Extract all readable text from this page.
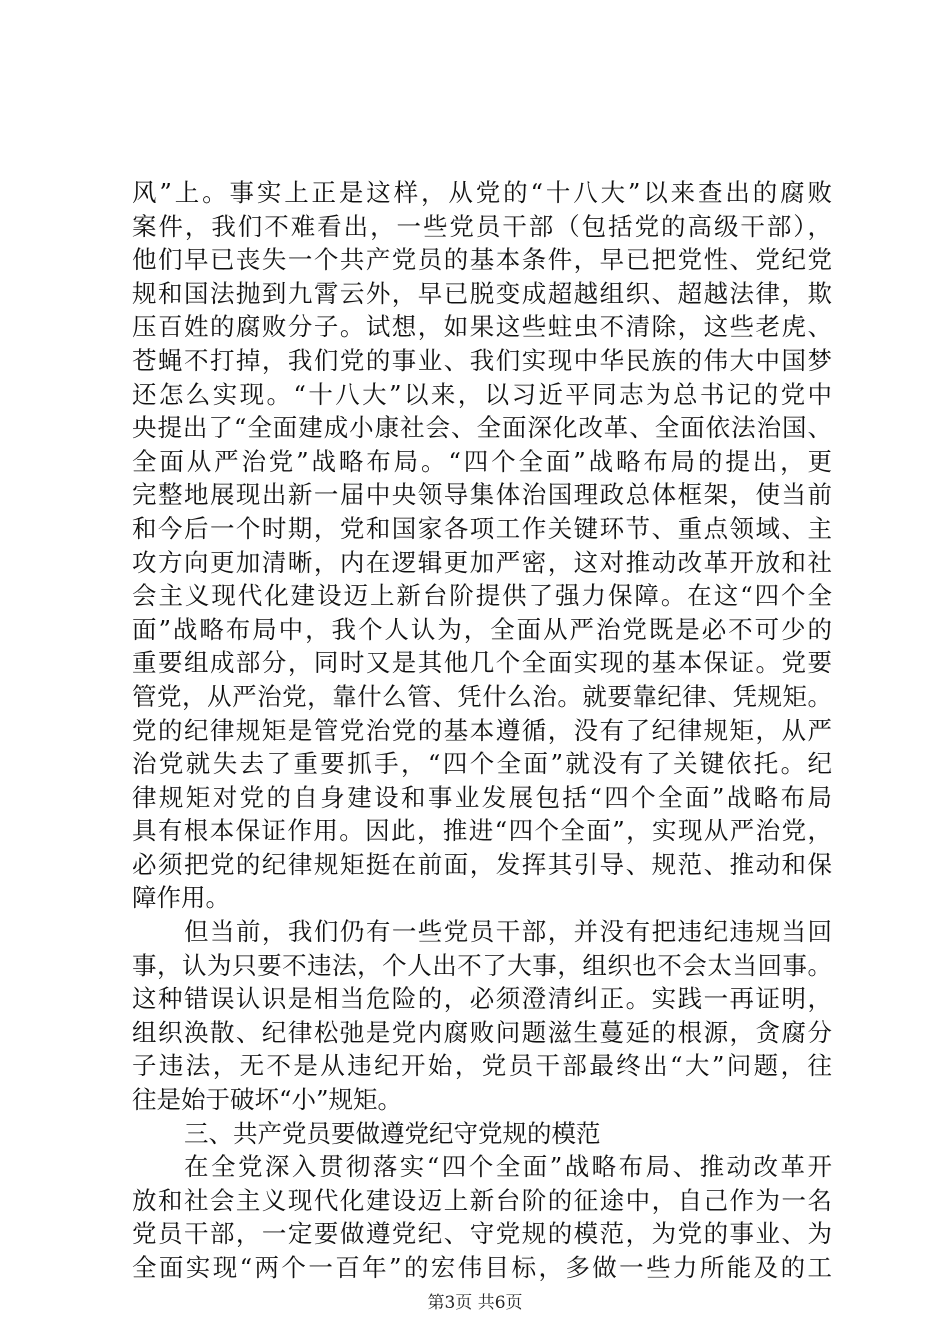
风”上。事实上正是这样，从党的“十八大”以来查出的腐败
案件，我们不难看出，一些党员干部（包括党的高级干部），
他们早已丧失一个共产党员的基本条件，早已把党性、党纪党
规和国法抛到九霄云外，早已脱变成超越组织、超越法律，欺
压百姓的腐败分子。试想，如果这些蛀虫不清除，这些老虎、
苍蝇不打掉，我们党的事业、我们实现中华民族的伟大中国梦
还怎么实现。“十八大”以来，以习近平同志为总书记的党中
央提出了“全面建成小康社会、全面深化改革、全面依法治国、
全面从严治党”战略布局。“四个全面”战略布局的提出，更
完整地展现出新一届中央领导集体治国理政总体框架，使当前
和今后一个时期，党和国家各项工作关键环节、重点领域、主
攻方向更加清晰，内在逻辑更加严密，这对推动改革开放和社
会主义现代化建设迈上新台阶提供了强力保障。在这“四个全
面”战略布局中，我个人认为，全面从严治党既是必不可少的
重要组成部分，同时又是其他几个全面实现的基本保证。党要
管党，从严治党，靠什么管、凭什么治。就要靠纪律、凭规矩。
党的纪律规矩是管党治党的基本遵循，没有了纪律规矩，从严
治党就失去了重要抓手，“四个全面”就没有了关键依托。纪
律规矩对党的自身建设和事业发展包括“四个全面”战略布局
具有根本保证作用。因此，推进“四个全面”，实现从严治党，
必须把党的纪律规矩挺在前面，发挥其引导、规范、推动和保
障作用。
但当前，我们仍有一些党员干部，并没有把违纪违规当回
事，认为只要不违法，个人出不了大事，组织也不会太当回事。
这种错误认识是相当危险的，必须澄清纠正。实践一再证明，
组织涣散、纪律松弛是党内腐败问题滋生蔓延的根源，贪腐分
子违法，无不是从违纪开始，党员干部最终出“大”问题，往
往是始于破坏“小”规矩。
三、共产党员要做遵党纪守党规的模范
在全党深入贯彻落实“四个全面”战略布局、推动改革开
放和社会主义现代化建设迈上新台阶的征途中，自己作为一名
党员干部，一定要做遵党纪、守党规的模范，为党的事业、为
全面实现“两个一百年”的宏伟目标，多做一些力所能及的工
第3页 共6页
